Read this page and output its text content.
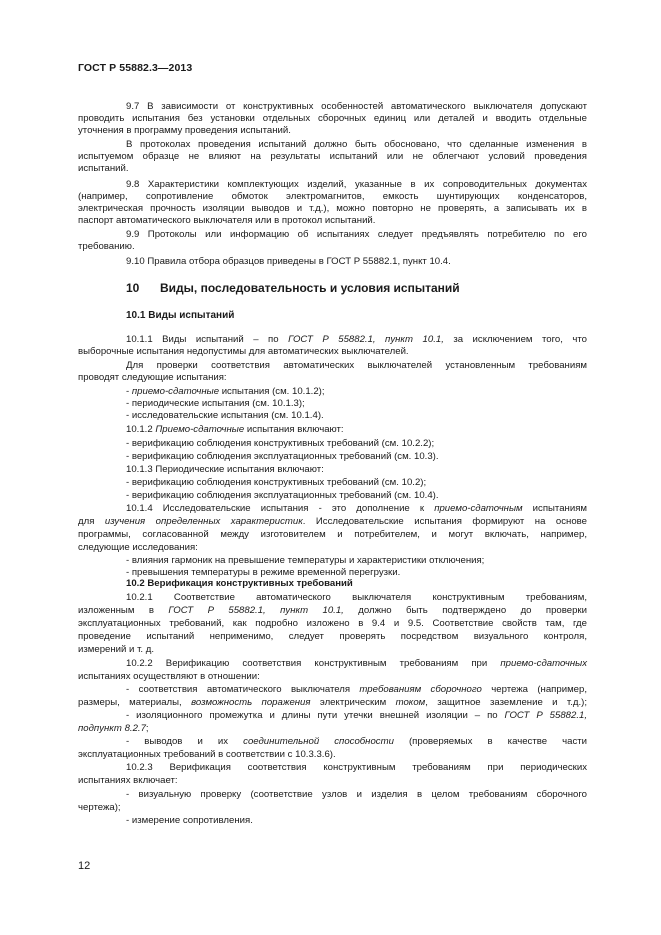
ГОСТ Р 55882.3—2013
9.7 В зависимости от конструктивных особенностей автоматического выключателя допускают
проводить испытания без установки отдельных сборочных единиц или деталей и вводить отдельные
уточнения в программу проведения испытаний.
В протоколах проведения испытаний должно быть обосновано, что сделанные изменения в
испытуемом образце не влияют на результаты испытаний или не облегчают условий проведения
испытаний.
9.8 Характеристики комплектующих изделий, указанные в их сопроводительных документах
(например, сопротивление обмоток электромагнитов, емкость шунтирующих конденсаторов,
электрическая прочность изоляции выводов и т.д.), можно повторно не проверять, а записывать их в
паспорт автоматического выключателя или в протокол испытаний.
9.9 Протоколы или информацию об испытаниях следует предъявлять потребителю по его
требованию.
9.10 Правила отбора образцов приведены в ГОСТ Р 55882.1, пункт 10.4.
10 Виды, последовательность и условия испытаний
10.1 Виды испытаний
10.1.1 Виды испытаний – по ГОСТ Р 55882.1, пункт 10.1, за исключением того, что
выборочные испытания недопустимы для автоматических выключателей.
Для проверки соответствия автоматических выключателей установленным требованиям
проводят следующие испытания:
- приемо-сдаточные испытания (см. 10.1.2);
- периодические испытания (см. 10.1.3);
- исследовательские испытания (см. 10.1.4).
10.1.2 Приемо-сдаточные испытания включают:
- верификацию соблюдения конструктивных требований (см. 10.2.2);
- верификацию соблюдения эксплуатационных требований (см. 10.3).
10.1.3 Периодические испытания включают:
- верификацию соблюдения конструктивных требований (см. 10.2);
- верификацию соблюдения эксплуатационных требований (см. 10.4).
10.1.4 Исследовательские испытания - это дополнение к приемо-сдаточным испытаниям
для изучения определенных характеристик. Исследовательские испытания формируют на основе
программы, согласованной между изготовителем и потребителем, и могут включать, например,
следующие исследования:
- влияния гармоник на превышение температуры и характеристики отключения;
- превышения температуры в режиме временной перегрузки.
10.2 Верификация конструктивных требований
10.2.1 Соответствие автоматического выключателя конструктивным требованиям,
изложенным в ГОСТ Р 55882.1, пункт 10.1, должно быть подтверждено до проверки
эксплуатационных требований, как подробно изложено в 9.4 и 9.5. Соответствие свойств там, где
проведение испытаний неприменимо, следует проверять посредством визуального контроля,
измерений и т. д.
10.2.2 Верификацию соответствия конструктивным требованиям при приемо-сдаточных
испытаниях осуществляют в отношении:
- соответствия автоматического выключателя требованиям сборочного чертежа (например,
размеры, материалы, возможность поражения электрическим током, защитное заземление и т.д.);
- изоляционного промежутка и длины пути утечки внешней изоляции – по ГОСТ Р 55882.1,
подпункт 8.2.7;
- выводов и их соединительной способности (проверяемых в качестве части
эксплуатационных требований в соответствии с 10.3.3.6).
10.2.3 Верификация соответствия конструктивным требованиям при периодических
испытаниях включает:
- визуальную проверку (соответствие узлов и изделия в целом требованиям сборочного
чертежа);
- измерение сопротивления.
12
